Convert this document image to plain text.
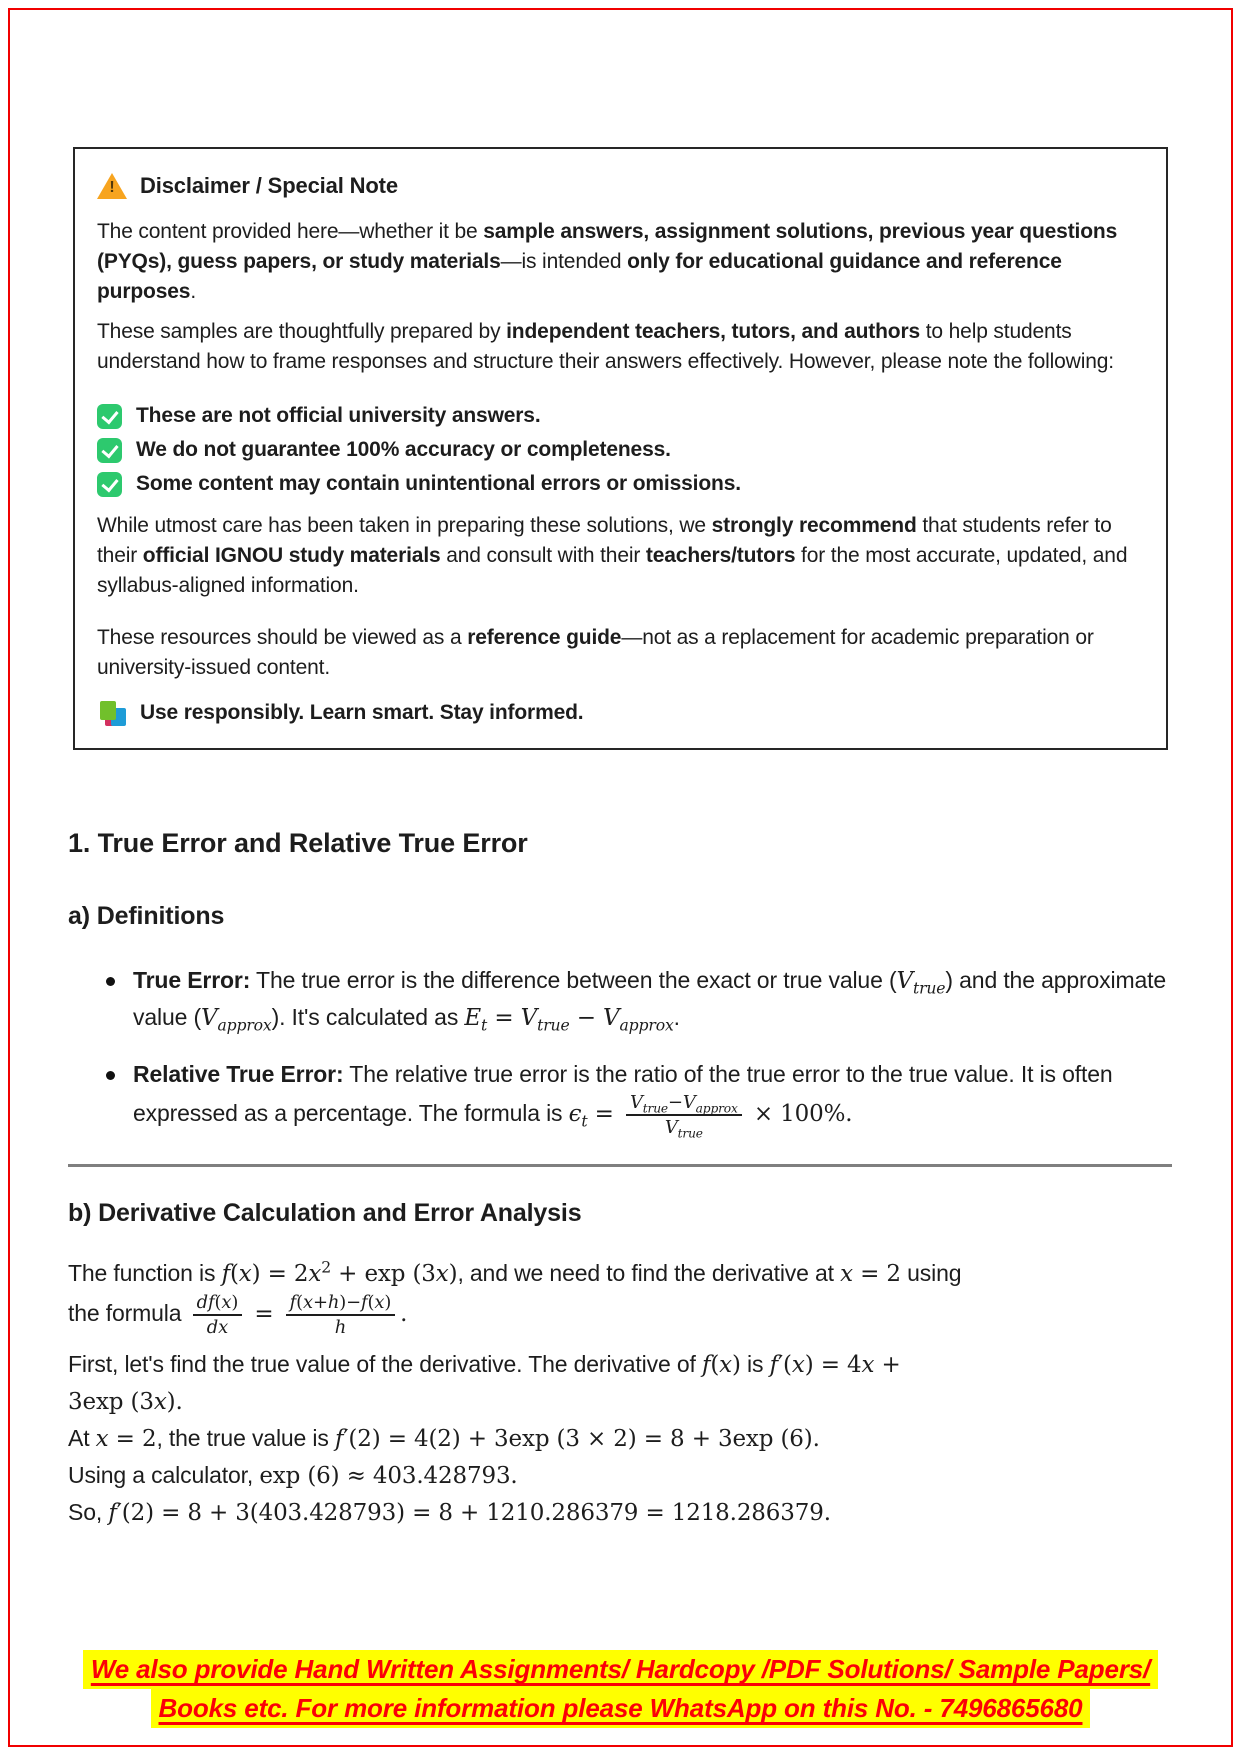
!
Disclaimer / Special Note

The content provided here—whether it be sample answers, assignment solutions, previous year questions (PYQs), guess papers, or study materials—is intended only for educational guidance and reference purposes.

These samples are thoughtfully prepared by independent teachers, tutors, and authors to help students understand how to frame responses and structure their answers effectively. However, please note the following:

These are not official university answers.
We do not guarantee 100% accuracy or completeness.
Some content may contain unintentional errors or omissions.

While utmost care has been taken in preparing these solutions, we strongly recommend that students refer to their official IGNOU study materials and consult with their teachers/tutors for the most accurate, updated, and syllabus-aligned information.

These resources should be viewed as a reference guide—not as a replacement for academic preparation or university-issued content.

Use responsibly. Learn smart. Stay informed.
1. True Error and Relative True Error
a) Definitions
True Error: The true error is the difference between the exact or true value $(V_{true})$ and the approximate value $(V_{approx})$. It's calculated as $E_t = V_{true} - V_{approx}$.
Relative True Error: The relative true error is the ratio of the true error to the true value. It is often expressed as a percentage. The formula is $\epsilon_t = \frac{V_{true}-V_{approx}}{V_{true}} \times 100\%$.
b) Derivative Calculation and Error Analysis

The function is $f(x) = 2x^2 + \exp (3x)$, and we need to find the derivative at x = 2 using
the formula $\frac{df(x)}{dx} = \frac{f(x+h)-f(x)}{h}$ .

First, let's find the true value of the derivative. The derivative of f(x) is f′(x) = 4x +
3exp (3x).

At x = 2, the true value is f′(2) = 4(2) + 3exp (3 × 2) = 8 + 3exp (6).

Using a calculator, exp (6) ≈ 403.428793.

So, f′(2) = 8 + 3(403.428793) = 8 + 1210.286379 = 1218.286379.

We also provide Hand Written Assignments/ Hardcopy /PDF Solutions/ Sample Papers/
Books etc. For more information please WhatsApp on this No. - 7496865680
